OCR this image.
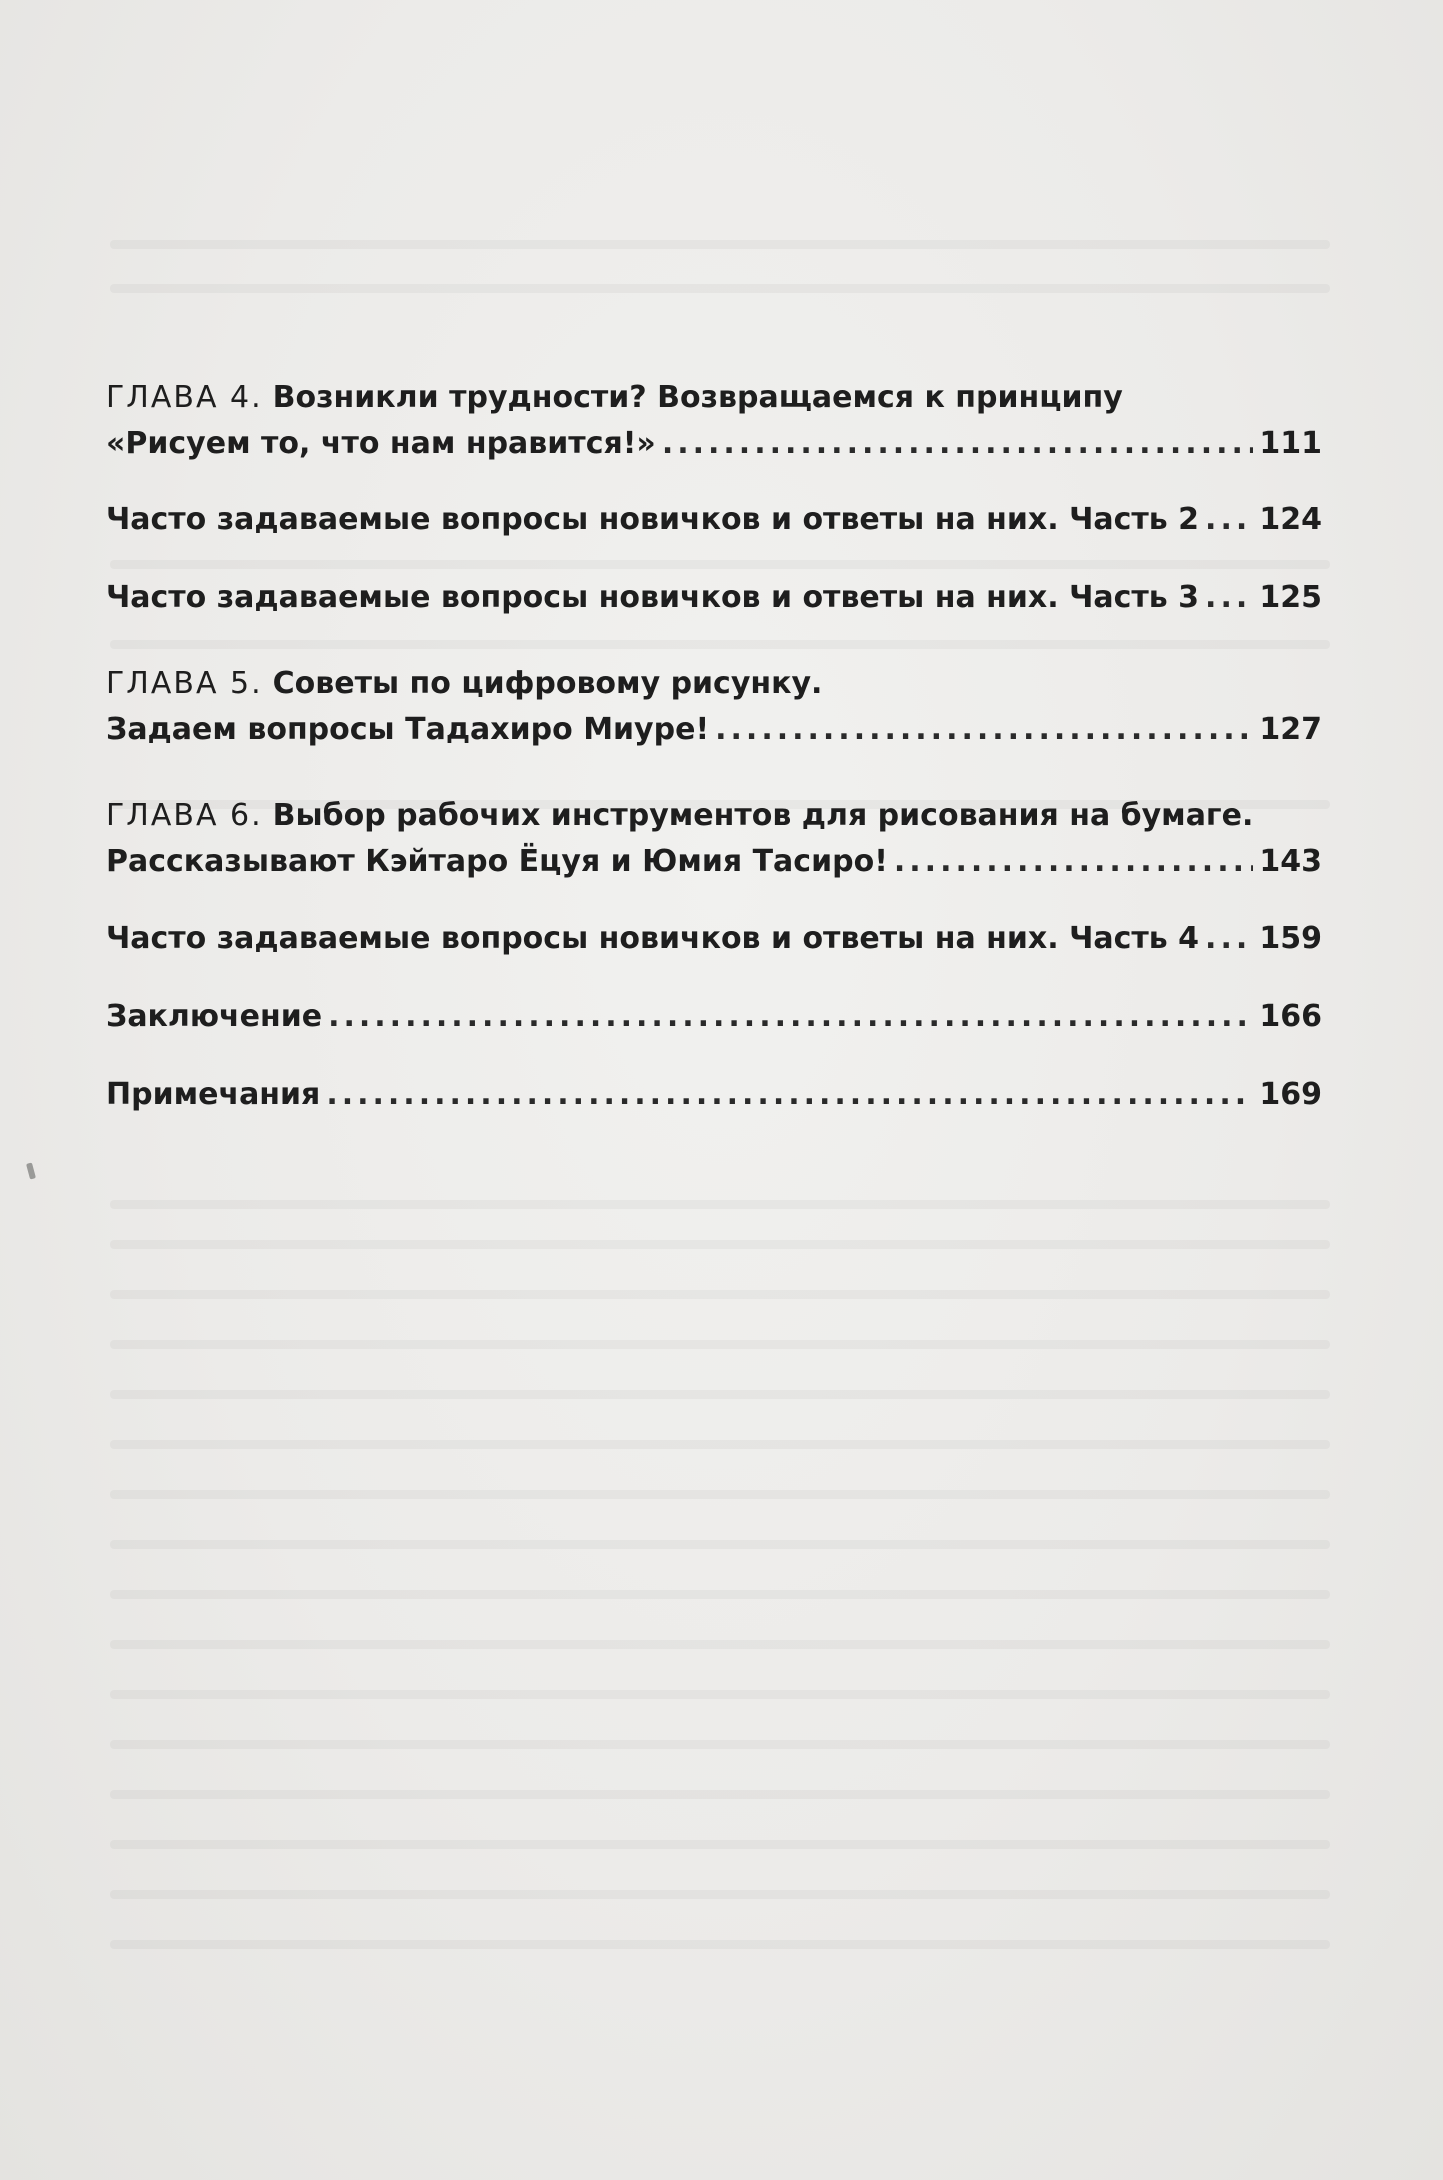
ГЛАВА 4. Возникли трудности? Возвращаемся к принципу
«Рисуем то, что нам нравится!» .....	111
Часто задаваемые вопросы новичков и ответы на них. Часть 2 ..... 124
Часто задаваемые вопросы новичков и ответы на них. Часть 3 ..... 125
ГЛАВА 5. Советы по цифровому рисунку.
Задаем вопросы Тадахиро Миуре! .....	127
ГЛАВА 6. Выбор рабочих инструментов для рисования на бумаге.
Рассказывают Кэйтаро Ёцуя и Юмия Тасиро! .....	143
Часто задаваемые вопросы новичков и ответы на них. Часть 4 ..... 159
Заключение .....	166
Примечания .....	169
